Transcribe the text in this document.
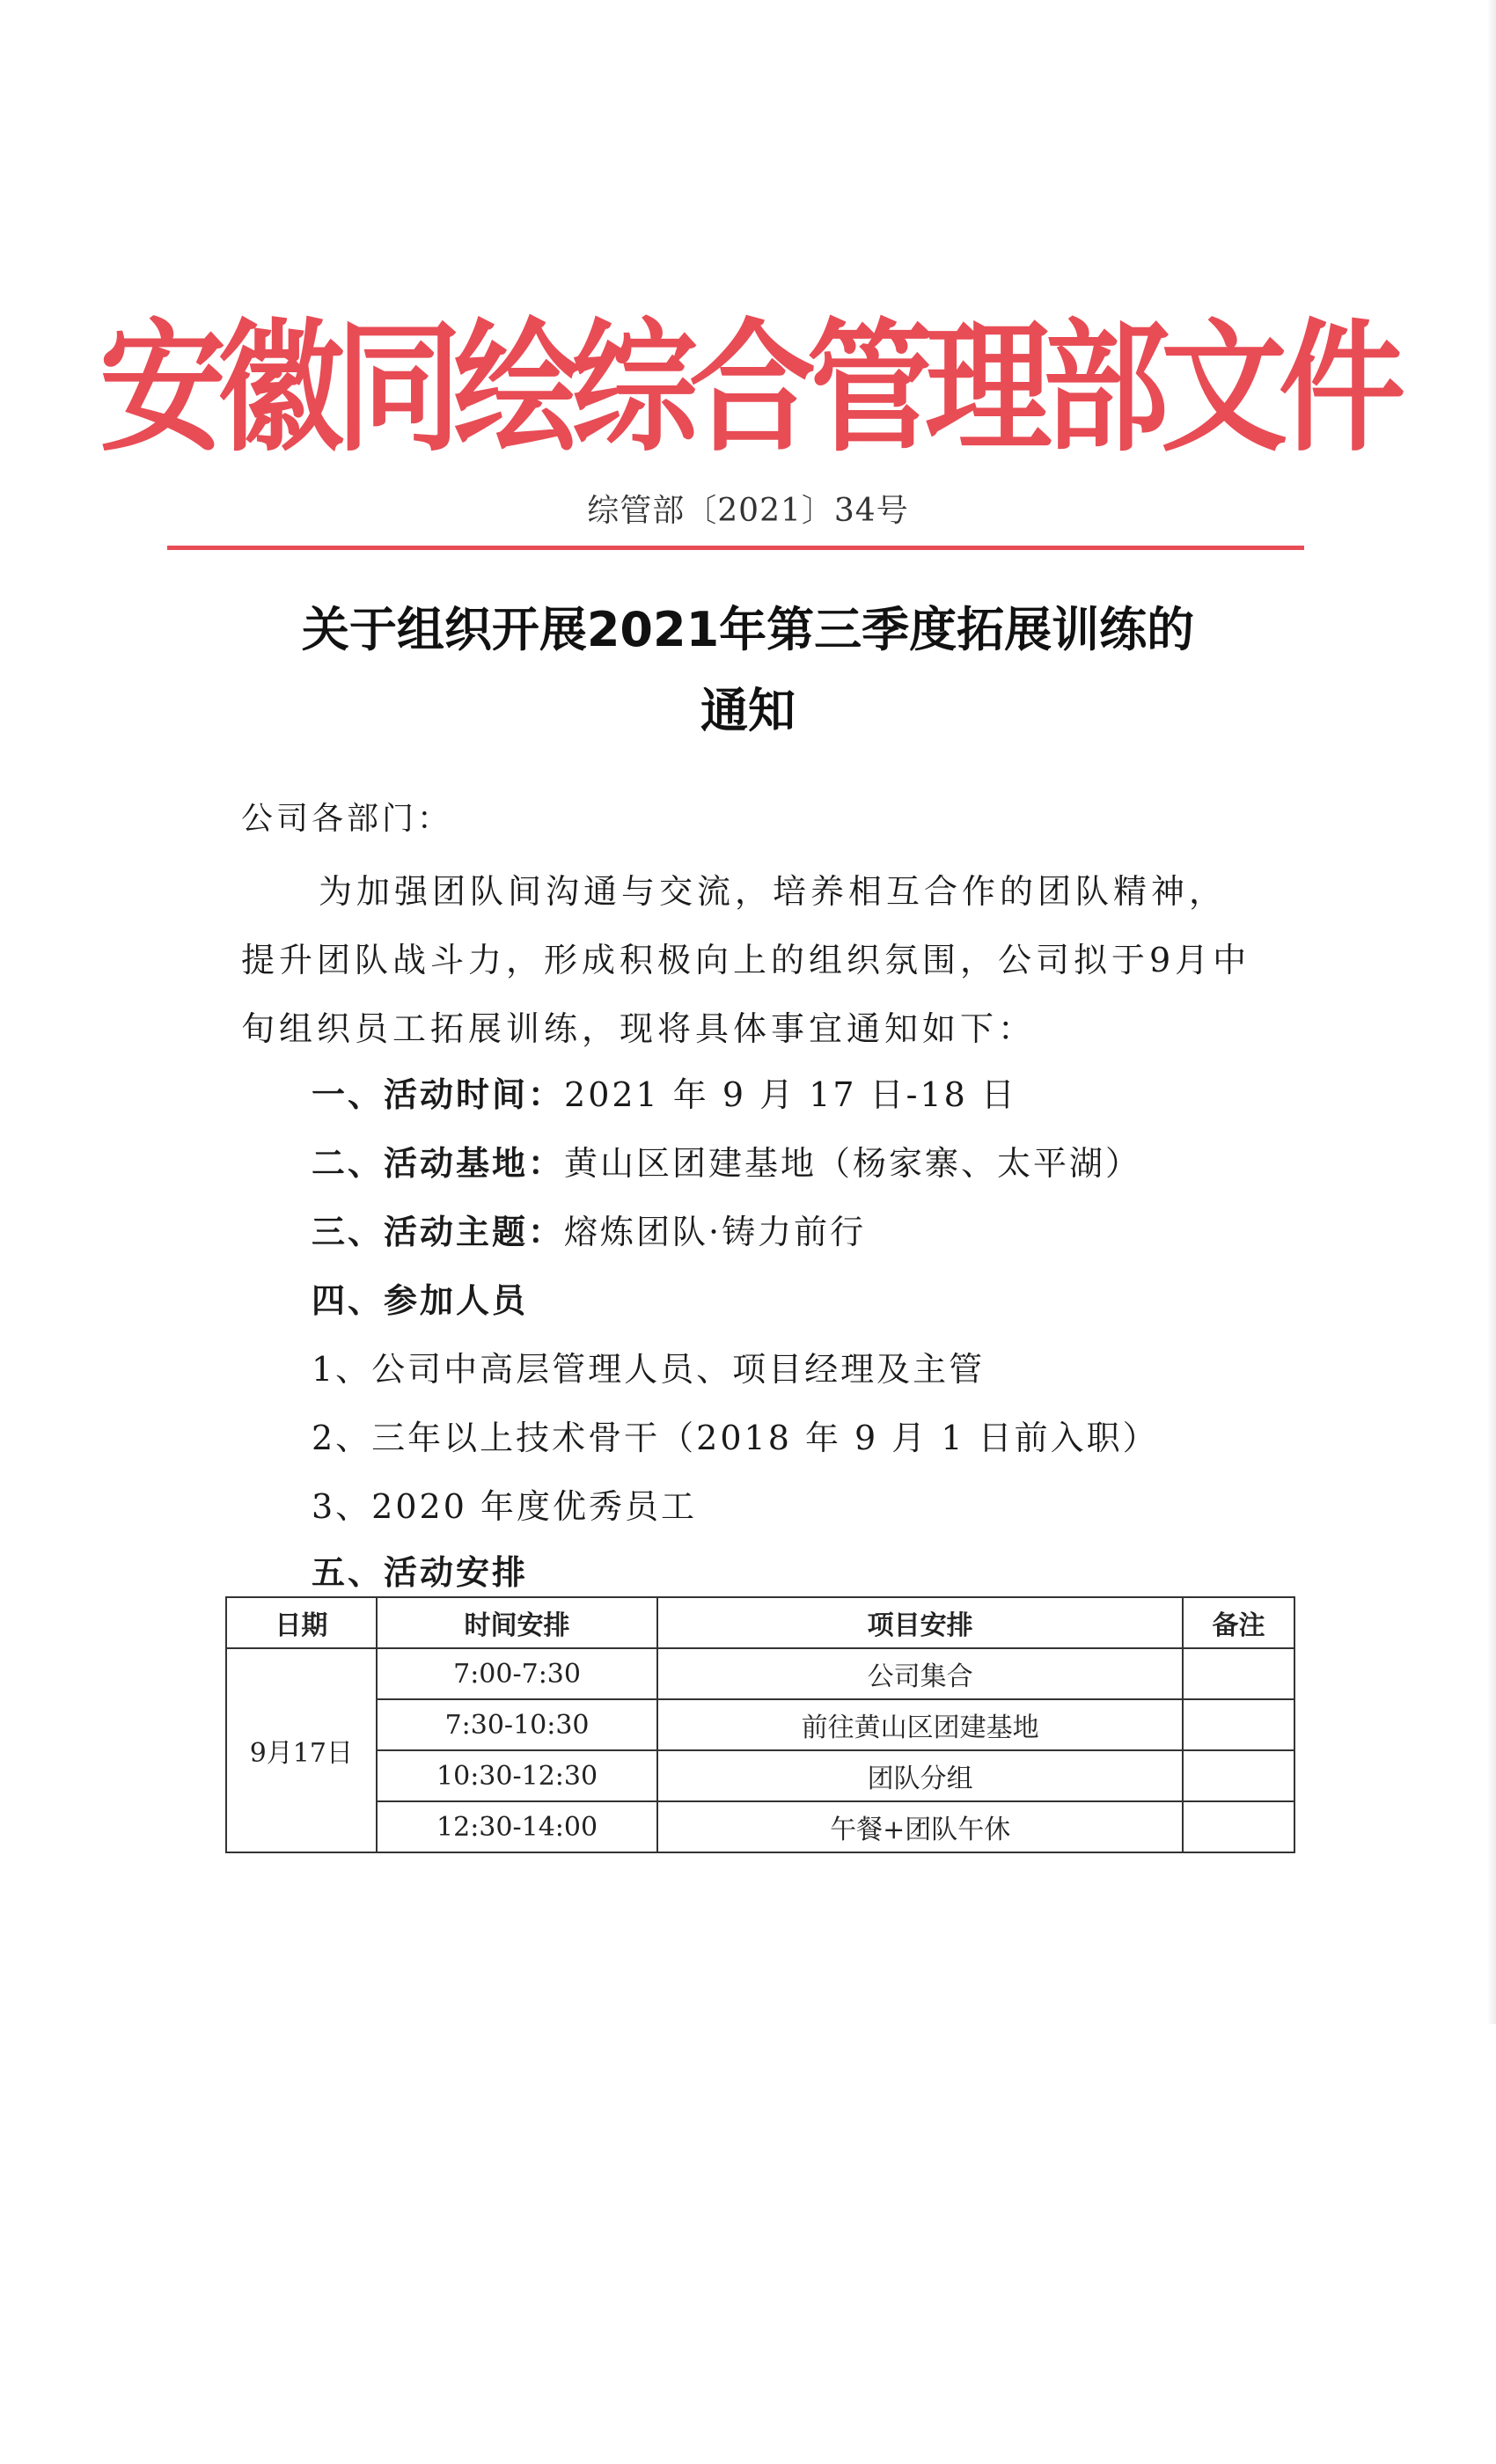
安徽同绘综合管理部文件
综管部〔2021〕34号
关于组织开展2021年第三季度拓展训练的
通知
公司各部门：
为加强团队间沟通与交流，培养相互合作的团队精神，提升团队战斗力，形成积极向上的组织氛围，公司拟于9月中旬组织员工拓展训练，现将具体事宜通知如下：
一、活动时间：2021 年 9 月 17 日-18 日
二、活动基地：黄山区团建基地（杨家寨、太平湖）
三、活动主题：熔炼团队·铸力前行
四、参加人员
1、公司中高层管理人员、项目经理及主管
2、三年以上技术骨干（2018 年 9 月 1 日前入职）
3、2020 年度优秀员工
五、活动安排
日期	时间安排	项目安排	备注
9月17日	7:00-7:30	公司集合	
	7:30-10:30	前往黄山区团建基地	
	10:30-12:30	团队分组	
	12:30-14:00	午餐+团队午休	
